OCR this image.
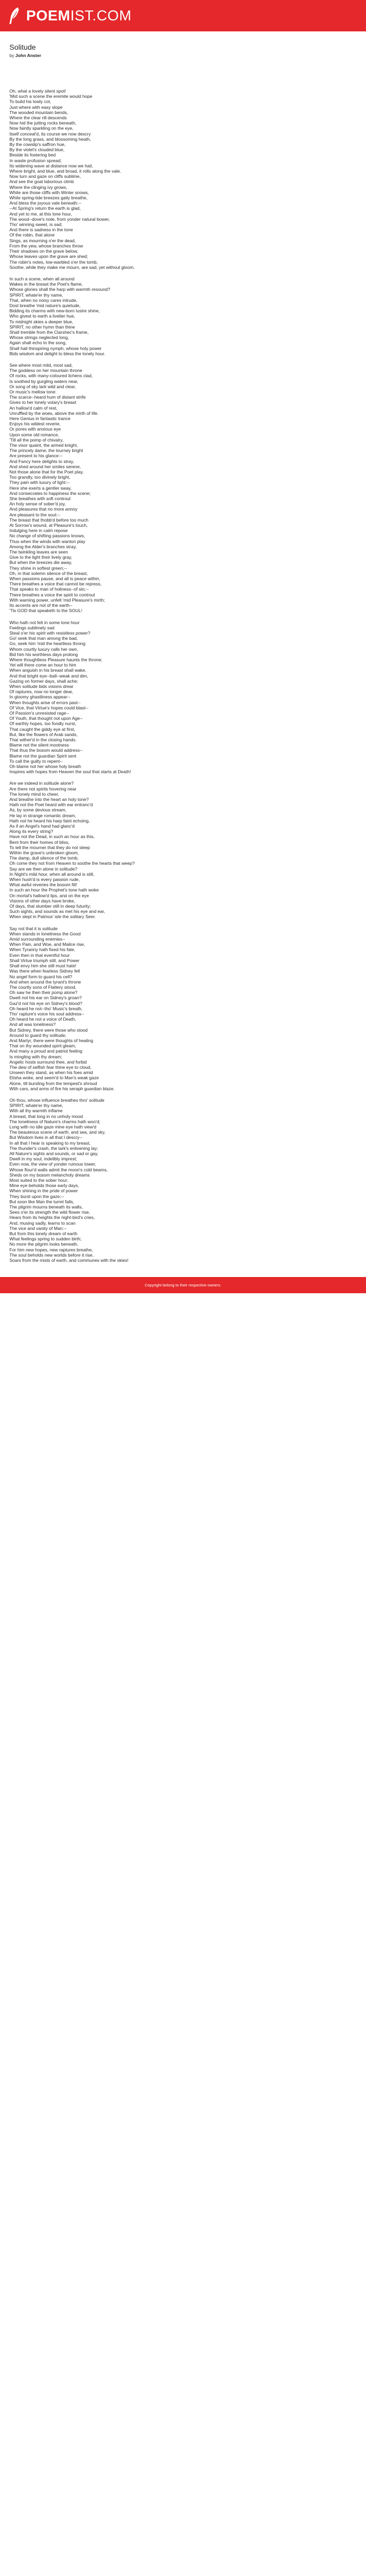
POEMIST.COM
Solitude
by John Anster
Oh, what a lovely silent spot!
'Mid such a scene the eremite would hope
To build his lowly cot,
Just where with easy slope
The wooded mountain bends,
Where the clear rill descends
Now hid the jutting rocks beneath,
Now faintly sparkling on the eye,
Itself conceal'd, its course we now descry
By the long grass, and blossoming heath,
By the cowslip's saffron hue,
By the violet's clouded blue,
Beside its fostering bed
In waste profusion spread;
Its widening wave at distance now we hail,
Where bright, and blue, and broad, it rolls along the vale.
Now turn and gaze on cliffs sublime,
And see the goat laborious climb
Where the clinging ivy grows,
White are those cliffs with Winter snows,
While spring-tide breezes gaily breathe,
And bless the joyous vale beneath:--
--At Spring's return the earth is glad,
And yet to me, at this lone hour,
The wood--dove's note, from yonder natural bower,
Tho' winning sweet, is sad;
And there is sadness in the tone
Of the robin, that alone
Sings, as mourning o'er the dead,
From the yew, whose branches throw
Their shadows on the grave below,
Whose leaves upon the grave are shed;
The robin's notes, low-warbled o'er the tomb,
Soothe, while they make me mourn, are sad, yet without gloom.
In such a scene, when all around
Wakes in the breast the Poet's flame,
Whose glories shall the harp with warmth resound?
SPIRIT, whate'er thy name,
That, when no noisy cares intrude,
Dost breathe 'mid nature's quietude,
Bidding its charms with new-born lustre shine,
Who givest to earth a livelier hue,
To midnight skies a deeper blue,
SPIRIT, no other hymn than thine
Shall tremble from the Clarshec's frame,
Whose strings neglected long,
Again shall echo to the song,
Shall hail thinspiring nymph, whose holy power
Bids wisdom and delight to bless the lonely hour.
See where most mild, most sad,
The goddess on her mountain throne
Of rocks, with many-coloured lichens clad,
Is soothed by gurgling waters near,
Or song of sky lark wild and clear,
Or music's mellow tone:
The scarce--heard hum of distant strife
Gives to her lonely votary's breast
An hallow'd calm of rest,
Unruffled by the woes, above the mirth of life.
Here Genius in fantastic trance
Enjoys his wildest reverie,
Or pores with anxious eye
Upon some old romance,
'Till all the pomp of chivalry,
The visor quaint, the armed knight,
The princely dame, the tourney bright
Are present to his glance:--
And Fancy here delights to stray,
And shed around her smiles serene,
Not those alone that for the Poet play,
Too grandly, too divinely bright,
They pain with luxury of light:--
Here she exerts a gentler sway,
And consecrates to happiness the scene;
She breathes with soft controul
An holy sense of sober'd joy,
And pleasures that no more annoy
Are pleasant to the soul:--
The breast that thobb'd before too much
At Sorrow's wound, at Pleasure's touch,
Indulging here in calm repose
No change of shifting passions knows,
Thus when the winds with wanton play
Among the Alder's branches stray,
The twinkling leaves are seen
Give to the light their lively gray,
But when the breezes die away,
They shine in softest green;--
Oh, in that solemn silence of the breast,
When passions pause, and all is peace within,
There breathes a voice that cannot be repress,
That speaks to man of holiness--of sin;--
There breathes a voice the spirit to controul
With warning power, unfelt 'mid Pleasure's mirth;
Its accents are not of the earth--
'Tis GOD that speaketh to the SOUL!
Who hath not felt in some lone hour
Feelings sublimely sad
Steal o'er his spirit with resistless power?
Go! seek that man among the bad,
Go, seek him 'mid the heartless throng
Whom courtly luxury calls her own,
Bid him his worthless days prolong
Where thoughtless Pleasure haunts the throne;
Yet will there come an hour to him
When anguish in his breast shall wake,
And that bright eye--ball--weak and dim,
Gazing on former days, shall ache;
When solitude bids visions drear
Of raptures, now no longer dear,
In gloomy ghastliness appear--
When thoughts arise of errors past--
Of Vice, that Virtue's hopes could blast--
Of Passion's unresisted rage--
Of Youth, that thought not upon Age--
Of earthly hopes, too fondly nurst,
That caught the giddy eye at first,
But, like the flowers of Arab sands,
That wither'd in the closing hands.
Blame not the silent mootness
That thus the bosom would address--
Blame not the guardian Spirit sent
To call the guilty to repent--
Oh blame not her whose holy breath
Inspires with hopes from Heaven the soul that starts at Death!
Are we indeed in solitude alone?
Are there not spirits hovering near
The lonely mind to cheer,
And breathe into the heart an holy tone?
Hath not the Poet heard with ear entranc'd
As, by some devious stream,
He lay in strange romantic dream,
Hath not he heard his harp faint echoing,
As if an Angel's hand had glanc'd
Along its every string?
Have not the Dead, in such an hour as this,
Bent from their homes of bliss,
To tell the mourner that they do not sleep
Within the grave's unbroken gloom,
The damp, dull silence of the tomb,
Oh come they not from Heaven to soothe the hearts that weep?
Say are we then alone in solitude?
In Night's mild hour, when all around is still,
When hush'd is every passion rude,
What awful reveries the bosom fill!
In such an hour the Prophet's tone hath woke
On mortal's hallow'd lips, and on the eye
Visions of other days have broke,
Of days, that slumber still in deep futurity;
Such sights, and sounds as met his eye and ear,
When slept in Patmos' isle the solitary Seer.
Say not that it is solitude
When stands in loneliness the Good
Amid surrounding enemies--
When Pain, and Woe, and Malice rise,
When Tyranny hath fixed his fate,
Even then in that eventful hour
Shall Virtue triumph still, and Power
Shall envy him she still must hate!
Was there when fearless Sidney fell
No angel form to guard his cell?
And when around the tyrant's throne
The courtly sons of Flattery stood,
Oh saw he then their pomp alone?
Dwelt not his ear on Sidney's groan?
Gaz'd not his eye on Sidney's blood?
Oh heard he not--tho' Music's breath,
Tho' rapture's voice his soul address--
Oh heard he not a voice of Death,
And all was loneliness?
But Sidney, there were those who stood
Around to guard thy solitude;
And Martyr, there were thoughts of healing
That on thy wounded spirit gleam,
And many a proud and patriot feeling
Is mingling with thy dream;
Angelic hosts surround thee, and forbid
The dew of selfish fear thine eye to cloud,
Unseen they stand, as when his foes amid
Elisha woke, and seem'd to Man's weak gaze
Alone, till bursting from the tempest's shroud
With cars, and arms of fire his seraph guardian blaze.
Oh thou, whose influence breathes thro' solitude
SPIRIT, whate'er thy name,
With all thy warmth inflame
A breast, that long in no unholy mood
The loneliness of Nature's charms hath woo'd;
Long with no idle gaze mine eye hath view'd
The beauteous scene of earth, and sea, and sky,
But Wisdom lives in all that I descry--
In all that I hear is speaking to my breast,
The thunder's crash, the lark's enlivening lay;
All Nature's sights and sounds, or sad or gay,
Dwell in my soul, indelibly imprest;
Even now, the view of yonder ruinous tower,
Whose flour'd walls admit the moon's cold beams,
Sheds on my bosom melancholy dreams
Most suited to the sober hour;
Mine eye beholds those early days,
When shining in the pride of power
They burst upon the gaze;--
But soon like Man the turret falls,
The pilgrim mourns beneath its walls,
Sees o'er its strength the wild flower rise,
Hears from its heights the night-bird's cries,
And, musing sadly, learns to scan
The vice and vanity of Man:--
But from this lonely dream of earth
What feelings spring to sudden birth;
No more the pilgrim looks beneath,
For him new hopes, new raptures breathe,
The soul beholds new worlds before it rise,
Soars from the mists of earth, and communes with the skies!
Copyright belong to their respective owners.
